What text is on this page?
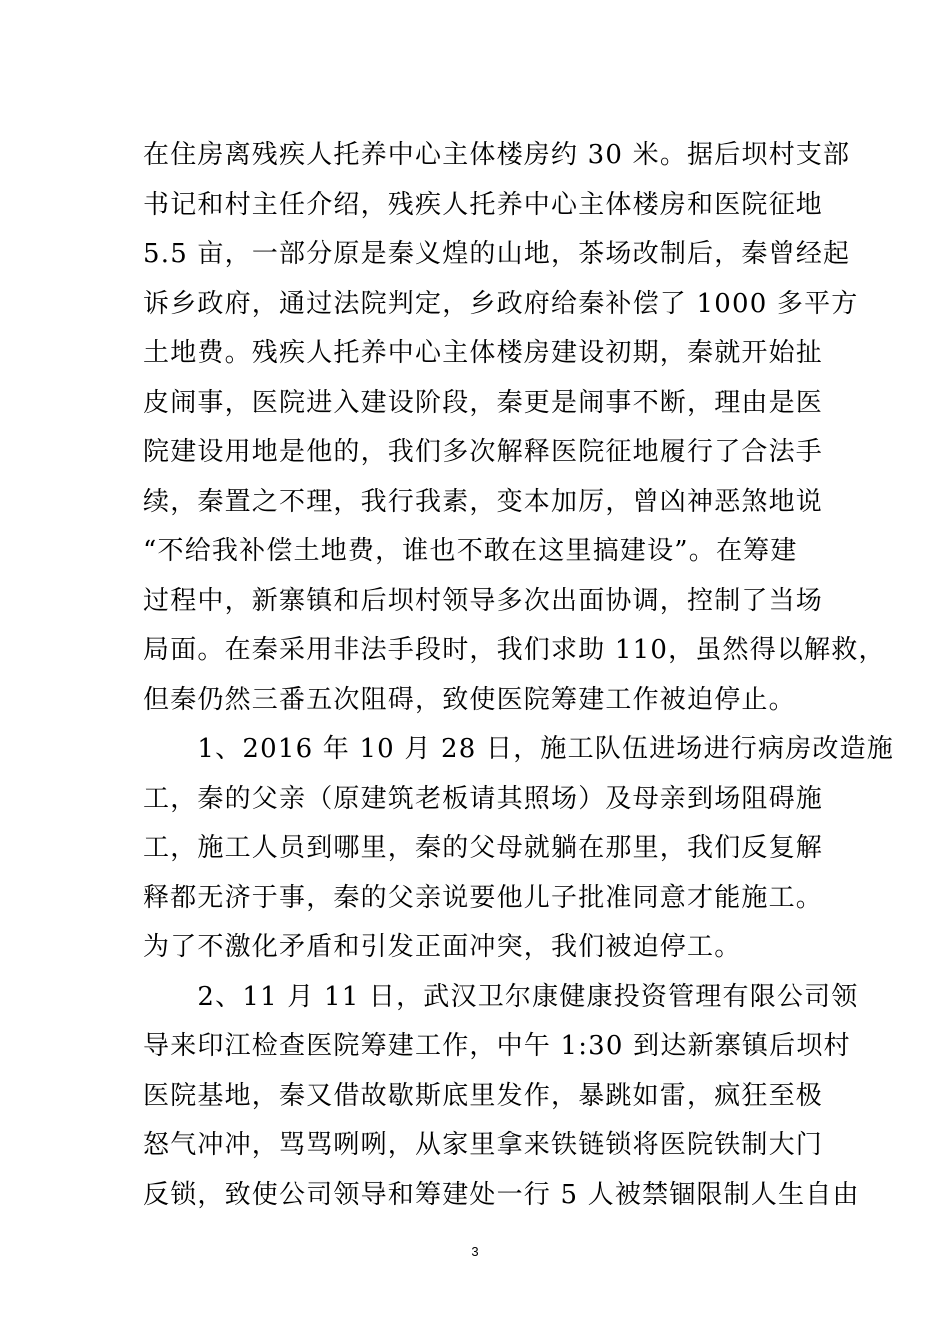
在住房离残疾人托养中心主体楼房约 30 米。据后坝村支部
书记和村主任介绍，残疾人托养中心主体楼房和医院征地
5.5 亩，一部分原是秦义煌的山地，茶场改制后，秦曾经起
诉乡政府，通过法院判定，乡政府给秦补偿了 1000 多平方
土地费。残疾人托养中心主体楼房建设初期，秦就开始扯
皮闹事，医院进入建设阶段，秦更是闹事不断，理由是医
院建设用地是他的，我们多次解释医院征地履行了合法手
续，秦置之不理，我行我素，变本加厉，曾凶神恶煞地说
“不给我补偿土地费，谁也不敢在这里搞建设”。在筹建
过程中，新寨镇和后坝村领导多次出面协调，控制了当场
局面。在秦采用非法手段时，我们求助 110，虽然得以解救，
但秦仍然三番五次阻碍，致使医院筹建工作被迫停止。
　　1、2016 年 10 月 28 日，施工队伍进场进行病房改造施
工，秦的父亲（原建筑老板请其照场）及母亲到场阻碍施
工，施工人员到哪里，秦的父母就躺在那里，我们反复解
释都无济于事，秦的父亲说要他儿子批准同意才能施工。
为了不激化矛盾和引发正面冲突，我们被迫停工。
　　2、11 月 11 日，武汉卫尔康健康投资管理有限公司领
导来印江检查医院筹建工作，中午 1:30 到达新寨镇后坝村
医院基地，秦又借故歇斯底里发作，暴跳如雷，疯狂至极
怒气冲冲，骂骂咧咧，从家里拿来铁链锁将医院铁制大门
反锁，致使公司领导和筹建处一行 5 人被禁锢限制人生自由
3
